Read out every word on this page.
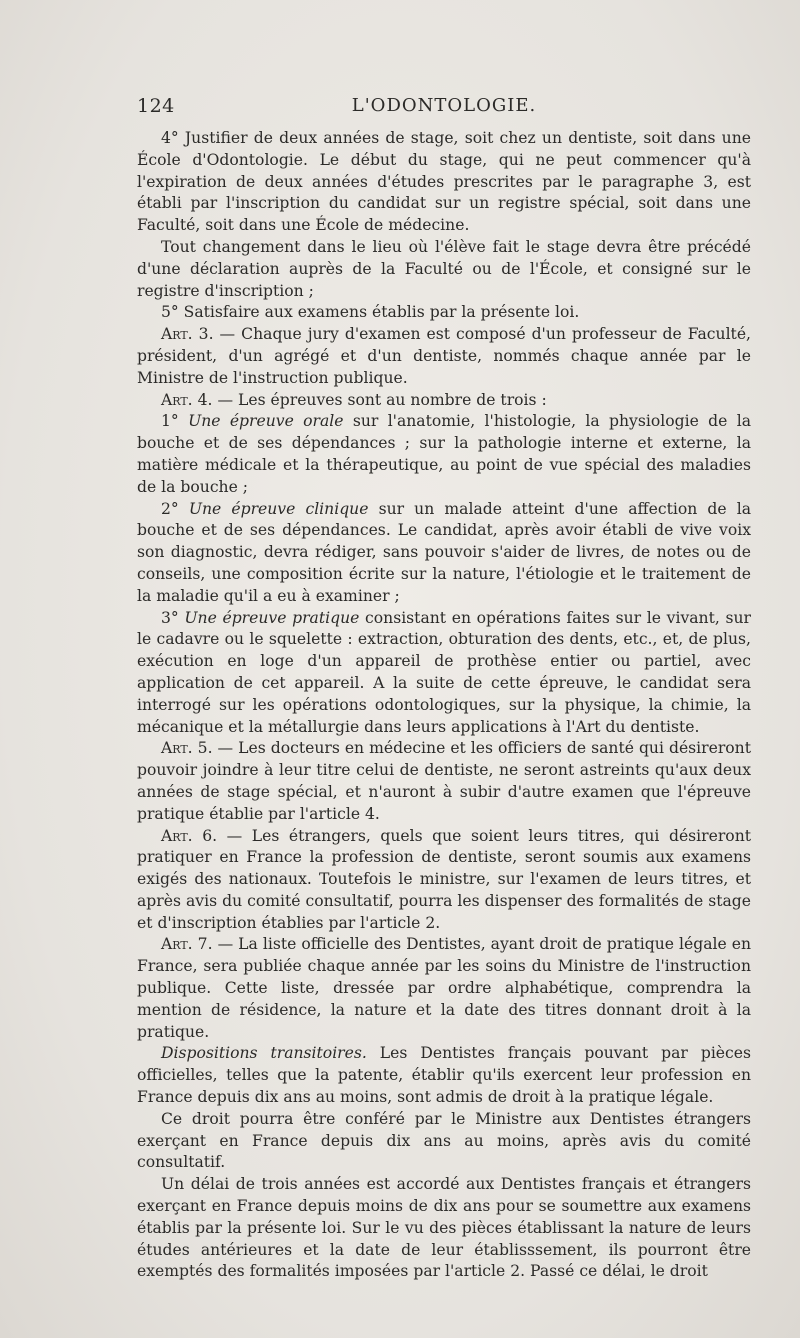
124	L'ODONTOLOGIE.

4° Justifier de deux années de stage, soit chez un dentiste, soit dans une École d'Odontologie. Le début du stage, qui ne peut commencer qu'à l'expiration de deux années d'études prescrites par le paragraphe 3, est établi par l'inscription du candidat sur un registre spécial, soit dans une Faculté, soit dans une École de médecine.

Tout changement dans le lieu où l'élève fait le stage devra être précédé d'une déclaration auprès de la Faculté ou de l'École, et consigné sur le registre d'inscription ;

5° Satisfaire aux examens établis par la présente loi.

Art. 3. — Chaque jury d'examen est composé d'un professeur de Faculté, président, d'un agrégé et d'un dentiste, nommés chaque année par le Ministre de l'instruction publique.

Art. 4. — Les épreuves sont au nombre de trois :

1° Une épreuve orale sur l'anatomie, l'histologie, la physiologie de la bouche et de ses dépendances ; sur la pathologie interne et externe, la matière médicale et la thérapeutique, au point de vue spécial des maladies de la bouche ;

2° Une épreuve clinique sur un malade atteint d'une affection de la bouche et de ses dépendances. Le candidat, après avoir établi de vive voix son diagnostic, devra rédiger, sans pouvoir s'aider de livres, de notes ou de conseils, une composition écrite sur la nature, l'étiologie et le traitement de la maladie qu'il a eu à examiner ;

3° Une épreuve pratique consistant en opérations faites sur le vivant, sur le cadavre ou le squelette : extraction, obturation des dents, etc., et, de plus, exécution en loge d'un appareil de prothèse entier ou partiel, avec application de cet appareil. A la suite de cette épreuve, le candidat sera interrogé sur les opérations odontologiques, sur la physique, la chimie, la mécanique et la métallurgie dans leurs applications à l'Art du dentiste.

Art. 5. — Les docteurs en médecine et les officiers de santé qui désireront pouvoir joindre à leur titre celui de dentiste, ne seront astreints qu'aux deux années de stage spécial, et n'auront à subir d'autre examen que l'épreuve pratique établie par l'article 4.

Art. 6. — Les étrangers, quels que soient leurs titres, qui désireront pratiquer en France la profession de dentiste, seront soumis aux examens exigés des nationaux. Toutefois le ministre, sur l'examen de leurs titres, et après avis du comité consultatif, pourra les dispenser des formalités de stage et d'inscription établies par l'article 2.

Art. 7. — La liste officielle des Dentistes, ayant droit de pratique légale en France, sera publiée chaque année par les soins du Ministre de l'instruction publique. Cette liste, dressée par ordre alphabétique, comprendra la mention de résidence, la nature et la date des titres donnant droit à la pratique.

Dispositions transitoires. Les Dentistes français pouvant par pièces officielles, telles que la patente, établir qu'ils exercent leur profession en France depuis dix ans au moins, sont admis de droit à la pratique légale.

Ce droit pourra être conféré par le Ministre aux Dentistes étrangers exerçant en France depuis dix ans au moins, après avis du comité consultatif.

Un délai de trois années est accordé aux Dentistes français et étrangers exerçant en France depuis moins de dix ans pour se soumettre aux examens établis par la présente loi. Sur le vu des pièces établissant la nature de leurs études antérieures et la date de leur établisssement, ils pourront être exemptés des formalités imposées par l'article 2. Passé ce délai, le droit
